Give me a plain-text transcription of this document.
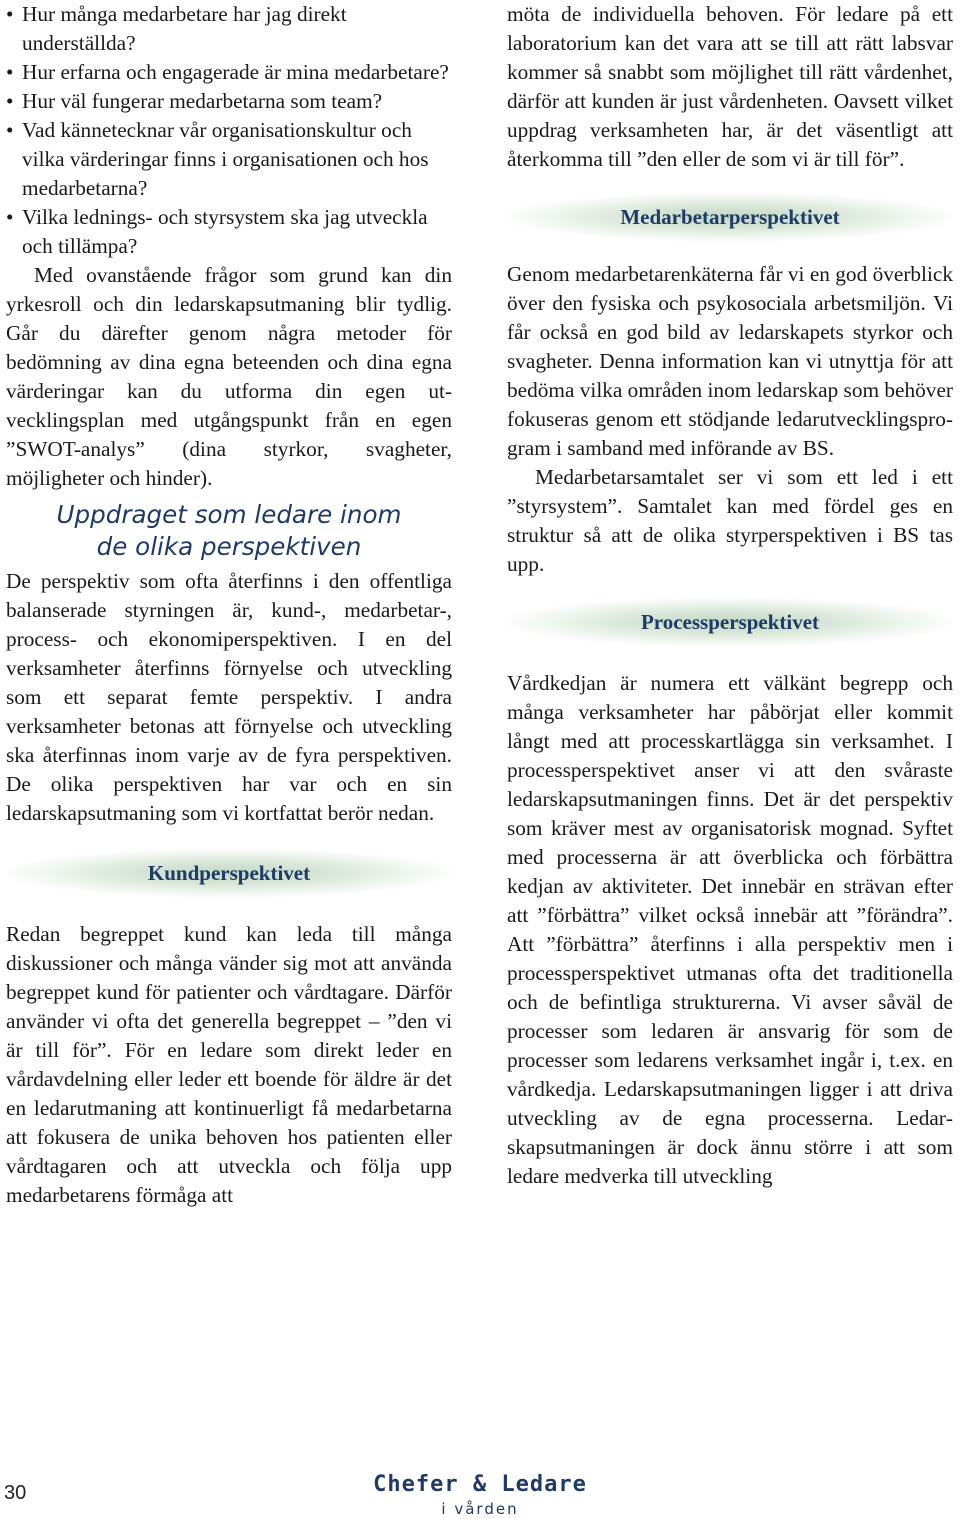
• Hur många medarbetare har jag direkt underställda?
• Hur erfarna och engagerade är mina medarbetare?
• Hur väl fungerar medarbetarna som team?
• Vad kännetecknar vår organisationskultur och vilka värderingar finns i organisationen och hos medarbetarna?
• Vilka lednings- och styrsystem ska jag utveckla och tillämpa?

Med ovanstående frågor som grund kan din yrkesroll och din ledarskapsutmaning blir tydlig. Går du därefter genom några metoder för bedömning av dina egna beteenden och dina egna värderingar kan du utforma din egen utvecklingsplan med utgångspunkt från en egen ”SWOT-analys” (dina styrkor, svagheter, möjligheter och hinder).

Uppdraget som ledare inom
de olika perspektiven

De perspektiv som ofta återfinns i den offentliga balanserade styrningen är, kund-, medarbetar-, process- och ekonomiperspektiven. I en del verksamheter återfinns förnyelse och utveckling som ett separat femte perspektiv. I andra verksamheter betonas att förnyelse och utveckling ska återfinnas inom varje av de fyra perspektiven. De olika perspektiven har var och en sin ledarskapsutmaning som vi kortfattat berör nedan.

Kundperspektivet

Redan begreppet kund kan leda till många diskussioner och många vänder sig mot att använda begreppet kund för patienter och vårdtagare. Därför använder vi ofta det generella begreppet – ”den vi är till för”. För en ledare som direkt leder en vårdavdelning eller leder ett boende för äldre är det en ledarutmaning att kontinuerligt få medarbetarna att fokusera de unika behoven hos patienten eller vårdtagaren och att utveckla och följa upp medarbetarens förmåga att

möta de individuella behoven. För ledare på ett laboratorium kan det vara att se till att rätt labsvar kommer så snabbt som möjlighet till rätt vårdenhet, därför att kunden är just vårdenheten. Oavsett vilket uppdrag verksamheten har, är det väsentligt att återkomma till ”den eller de som vi är till för”.

Medarbetarperspektivet

Genom medarbetarenkäterna får vi en god överblick över den fysiska och psykosociala arbetsmiljön. Vi får också en god bild av ledarskapets styrkor och svagheter. Denna information kan vi utnyttja för att bedöma vilka områden inom ledarskap som behöver fokuseras genom ett stödjande ledarutvecklingsprogram i samband med införande av BS.

Medarbetarsamtalet ser vi som ett led i ett ”styrsystem”. Samtalet kan med fördel ges en struktur så att de olika styrperspektiven i BS tas upp.

Processperspektivet

Vårdkedjan är numera ett välkänt begrepp och många verksamheter har påbörjat eller kommit långt med att processkartlägga sin verksamhet. I processperspektivet anser vi att den svåraste ledarskapsutmaningen finns. Det är det perspektiv som kräver mest av organisatorisk mognad. Syftet med processerna är att överblicka och förbättra kedjan av aktiviteter. Det innebär en strävan efter att ”förbättra” vilket också innebär att ”förändra”. Att ”förbättra” återfinns i alla perspektiv men i processperspektivet utmanas ofta det traditionella och de befintliga strukturerna. Vi avser såväl de processer som ledaren är ansvarig för som de processer som ledarens verksamhet ingår i, t.ex. en vårdkedja. Ledarskapsutmaningen ligger i att driva utveckling av de egna processerna. Ledarskapsutmaningen är dock ännu större i att som ledare medverka till utveckling

30	Chefer & Ledare
i vården
